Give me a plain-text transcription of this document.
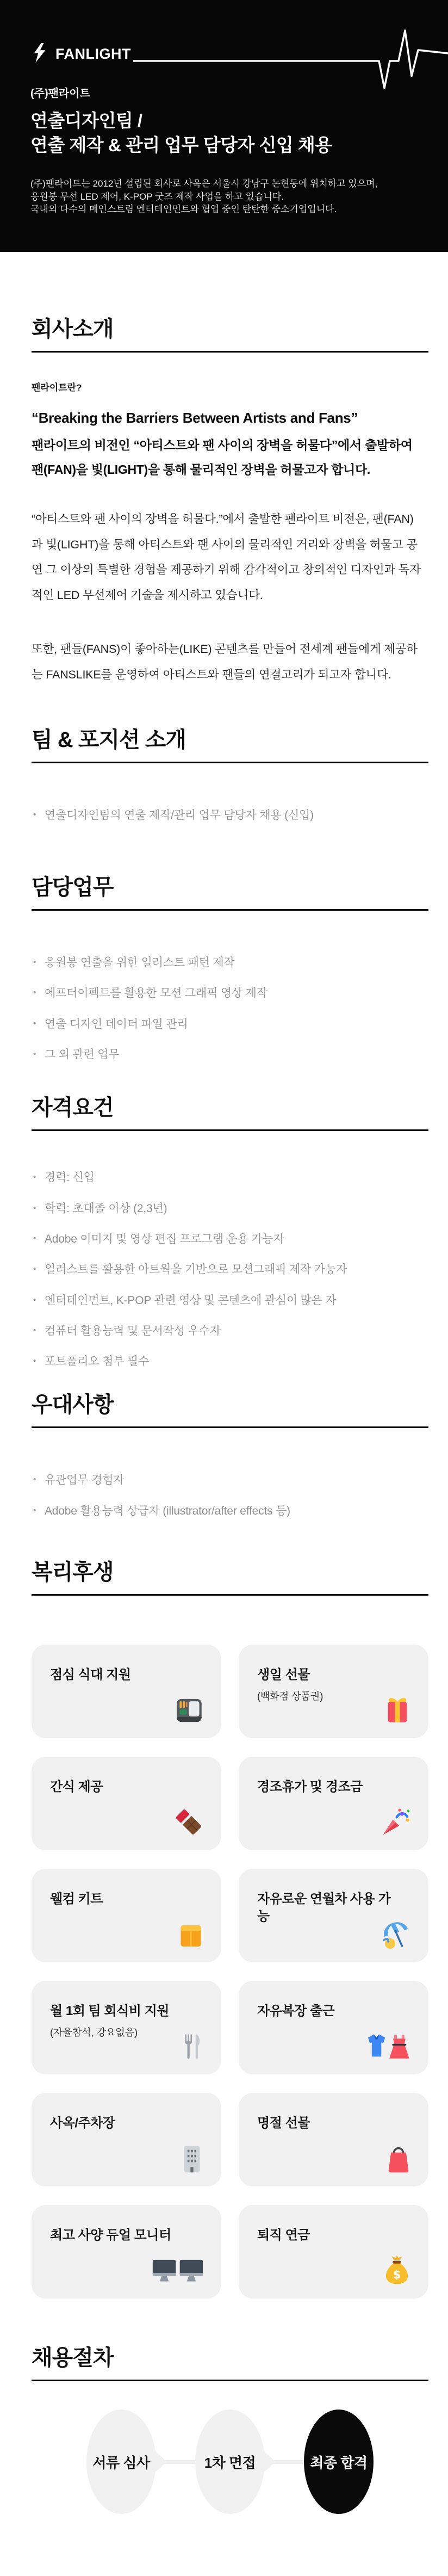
FANLIGHT
(주)팬라이트
연출디자인팀 /
연출 제작 & 관리 업무 담당자 신입 채용
(주)팬라이트는 2012년 설립된 회사로 사옥은 서울시 강남구 논현동에 위치하고 있으며,
응원봉 무선 LED 제어, K-POP 굿즈 제작 사업을 하고 있습니다.
국내외 다수의 메인스트림 엔터테인먼트와 협업 중인 탄탄한 중소기업입니다.
회사소개
팬라이트란?
“Breaking the Barriers Between Artists and Fans”
팬라이트의 비전인 “아티스트와 팬 사이의 장벽을 허물다”에서 출발하여
팬(FAN)을 빛(LIGHT)을 통해 물리적인 장벽을 허물고자 합니다.

“아티스트와 팬 사이의 장벽을 허물다.”에서 출발한 팬라이트 비전은, 팬(FAN)과 빛(LIGHT)을 통해 아티스트와 팬 사이의 물리적인 거리와 장벽을 허물고 공연 그 이상의 특별한 경험을 제공하기 위해 감각적이고 창의적인 디자인과 독자적인 LED 무선제어 기술을 제시하고 있습니다.

또한, 팬들(FANS)이 좋아하는(LIKE) 콘텐츠를 만들어 전세계 팬들에게 제공하는 FANSLIKE를 운영하여 아티스트와 팬들의 연결고리가 되고자 합니다.

팀 & 포지션 소개
• 연출디자인팀의 연출 제작/관리 업무 담당자 채용 (신입)
담당업무
• 응원봉 연출을 위한 일러스트 패턴 제작
• 에프터이펙트를 활용한 모션 그래픽 영상 제작
• 연출 디자인 데이터 파일 관리
• 그 외 관련 업무
자격요건
• 경력: 신입
• 학력: 초대졸 이상 (2,3년)
• Adobe 이미지 및 영상 편집 프로그램 운용 가능자
• 일러스트를 활용한 아트웍을 기반으로 모션그래픽 제작 가능자
• 엔터테인먼트, K-POP 관련 영상 및 콘텐츠에 관심이 많은 자
• 컴퓨터 활용능력 및 문서작성 우수자
• 포트폴리오 첨부 필수
우대사항
• 유관업무 경험자
• Adobe 활용능력 상급자 (illustrator/after effects 등)
복리후생
점심 식대 지원	생일 선물
(백화점 상품권)
간식 제공	경조휴가 및 경조금
웰컴 키트	자유로운 연월차 사용 가능
월 1회 팀 회식비 지원
(자율참석, 강요없음)
자유복장 출근
사옥/주차장	명절 선물
최고 사양 듀얼 모니터	퇴직 연금
$
채용절차
서류 심사	1차 면접	최종 합격
